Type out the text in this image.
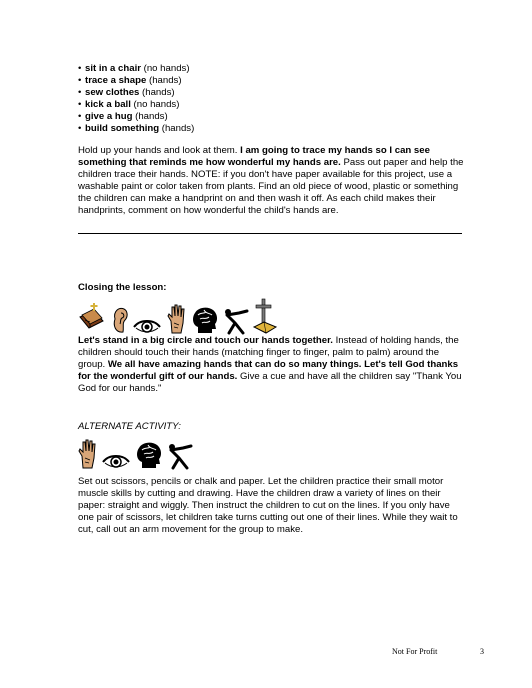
• sit in a chair (no hands)
• trace a shape (hands)
• sew clothes (hands)
• kick a ball (no hands)
• give a hug (hands)
• build something (hands)

Hold up your hands and look at them. I am going to trace my hands so I can see something that reminds me how wonderful my hands are. Pass out paper and help the children trace their hands. NOTE: if you don't have paper available for this project, use a washable paint or color taken from plants. Find an old piece of wood, plastic or something the children can make a handprint on and then wash it off. As each child makes their handprints, comment on how wonderful the child's hands are.

Closing the lesson:

Let's stand in a big circle and touch our hands together. Instead of holding hands, the children should touch their hands (matching finger to finger, palm to palm) around the group. We all have amazing hands that can do so many things. Let's tell God thanks for the wonderful gift of our hands. Give a cue and have all the children say "Thank You God for our hands."

ALTERNATE ACTIVITY:

Set out scissors, pencils or chalk and paper. Let the children practice their small motor muscle skills by cutting and drawing. Have the children draw a variety of lines on their paper: straight and wiggly. Then instruct the children to cut on the lines. If you only have one pair of scissors, let children take turns cutting out one of their lines. While they wait to cut, call out an arm movement for the group to make.

Not For Profit	3
